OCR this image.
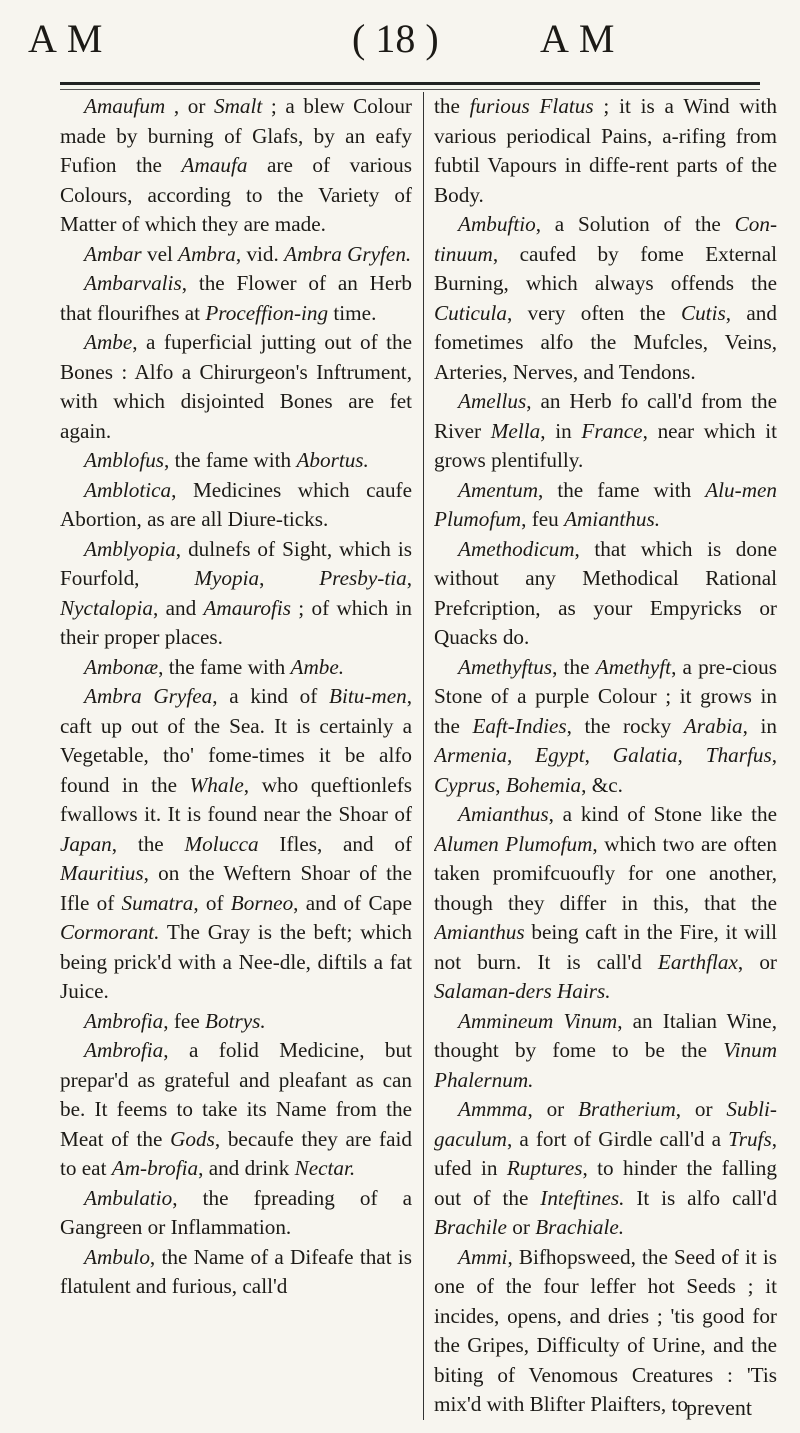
AM	( 18 )	AM

Amaufum , or Smalt ; a blew Colour made by burning of Glafs, by an eafy Fufion the Amaufa are of various Colours, according to the Variety of Matter of which they are made.

Ambar vel Ambra, vid. Ambra Gryfen.

Ambarvalis, the Flower of an Herb that flourifhes at Proceffion-ing time.

Ambe, a fuperficial jutting out of the Bones : Alfo a Chirurgeon's Inftrument, with which disjointed Bones are fet again.

Amblofus, the fame with Abortus.

Amblotica, Medicines which caufe Abortion, as are all Diure-ticks.

Amblyopia, dulnefs of Sight, which is Fourfold, Myopia, Presby-tia, Nyctalopia, and Amaurofis ; of which in their proper places.

Ambonæ, the fame with Ambe.

Ambra Gryfea, a kind of Bitu-men, caft up out of the Sea. It is certainly a Vegetable, tho' fome-times it be alfo found in the Whale, who queftionlefs fwallows it. It is found near the Shoar of Japan, the Molucca Ifles, and of Mauritius, on the Weftern Shoar of the Ifle of Sumatra, of Borneo, and of Cape Cormorant. The Gray is the beft; which being prick'd with a Nee-dle, diftils a fat Juice.

Ambrofia, fee Botrys.

Ambrofia, a folid Medicine, but prepar'd as grateful and pleafant as can be. It feems to take its Name from the Meat of the Gods, becaufe they are faid to eat Am-brofia, and drink Nectar.

Ambulatio, the fpreading of a Gangreen or Inflammation.

Ambulo, the Name of a Difeafe that is flatulent and furious, call'd

the furious Flatus ; it is a Wind with various periodical Pains, a-rifing from fubtil Vapours in diffe-rent parts of the Body.

Ambuftio, a Solution of the Con-tinuum, caufed by fome External Burning, which always offends the Cuticula, very often the Cutis, and fometimes alfo the Mufcles, Veins, Arteries, Nerves, and Tendons.

Amellus, an Herb fo call'd from the River Mella, in France, near which it grows plentifully.

Amentum, the fame with Alu-men Plumofum, feu Amianthus.

Amethodicum, that which is done without any Methodical Rational Prefcription, as your Empyricks or Quacks do.

Amethyftus, the Amethyft, a pre-cious Stone of a purple Colour ; it grows in the Eaft-Indies, the rocky Arabia, in Armenia, Egypt, Galatia, Tharfus, Cyprus, Bohemia, &c.

Amianthus, a kind of Stone like the Alumen Plumofum, which two are often taken promifcuoufly for one another, though they differ in this, that the Amianthus being caft in the Fire, it will not burn. It is call'd Earthflax, or Salaman-ders Hairs.

Ammineum Vinum, an Italian Wine, thought by fome to be the Vinum Phalernum.

Ammma, or Bratherium, or Subli-gaculum, a fort of Girdle call'd a Trufs, ufed in Ruptures, to hinder the falling out of the Inteftines. It is alfo call'd Brachile or Brachiale.

Ammi, Bifhopsweed, the Seed of it is one of the four leffer hot Seeds ; it incides, opens, and dries ; 'tis good for the Gripes, Difficulty of Urine, and the biting of Venomous Creatures : 'Tis mix'd with Blifter Plaifters, to

prevent
